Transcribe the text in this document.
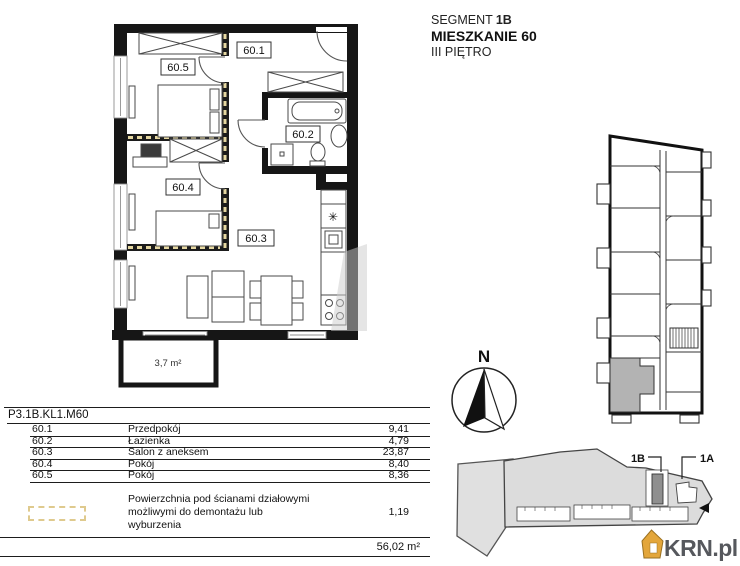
✳
3,7 m²
60.1
60.2
60.3
60.4
60.5
N
1B	1A
KRN.pl
SEGMENT 1B
MIESZKANIE 60
III PIĘTRO
P3.1B.KL1.M60
60.1	Przedpokój	9,41
60.2	Łazienka	4,79
60.3	Salon z aneksem	23,87
60.4	Pokój	8,40
60.5	Pokój	8,36
Powierzchnia pod ścianami działowymi możliwymi do demontażu lub wyburzenia
1,19
56,02 m²
